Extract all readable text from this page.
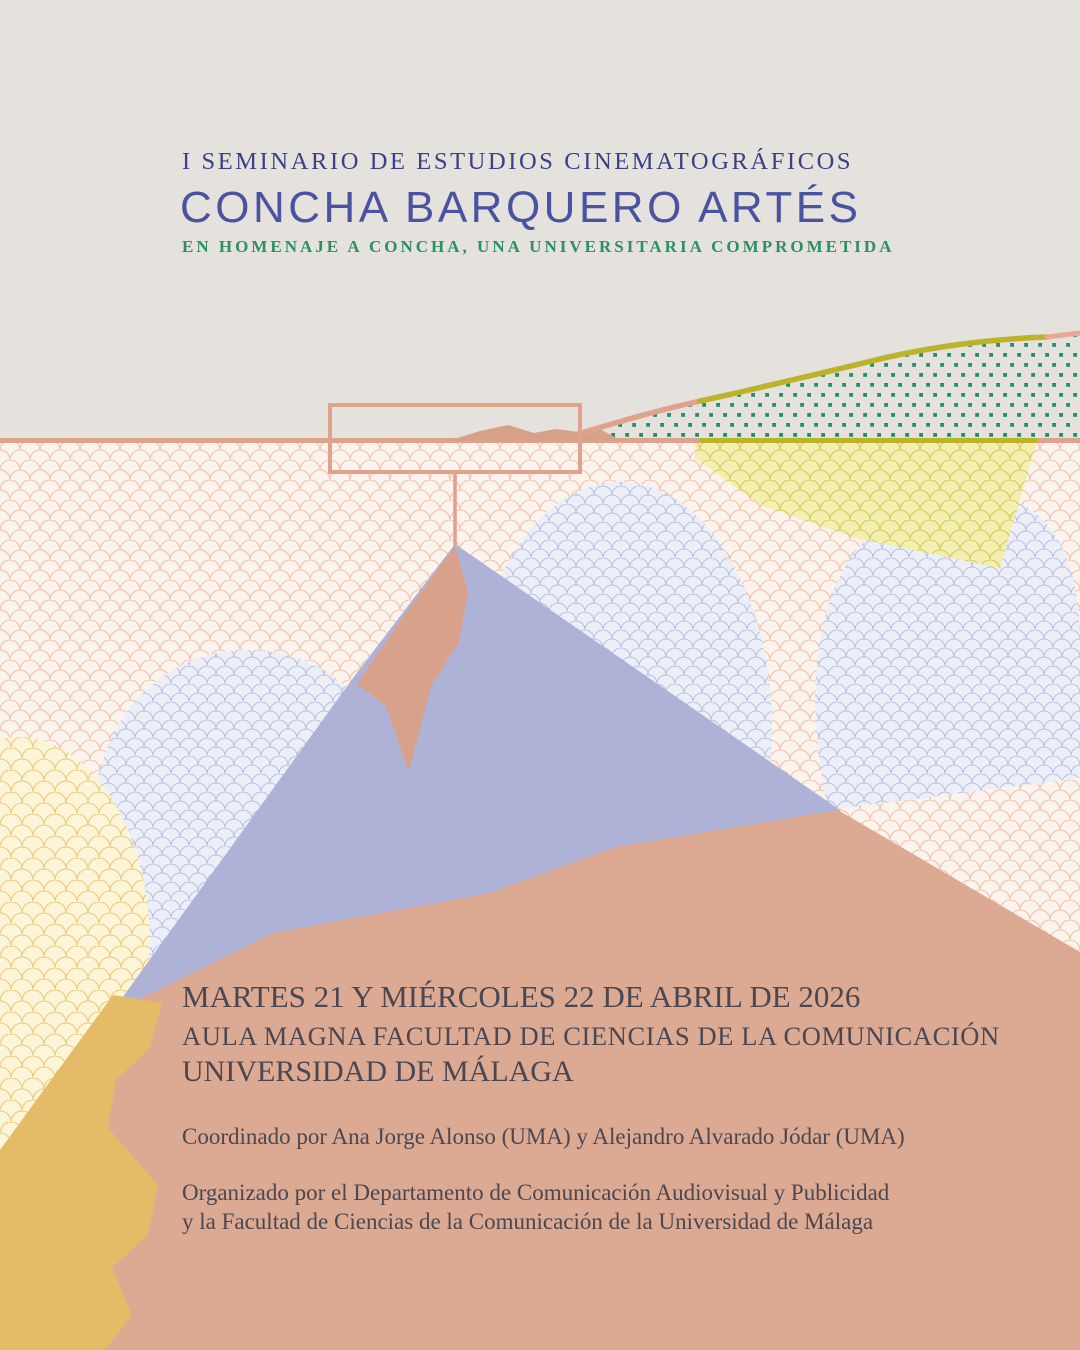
I SEMINARIO DE ESTUDIOS CINEMATOGRÁFICOS
CONCHA BARQUERO ARTÉS
EN HOMENAJE A CONCHA, UNA UNIVERSITARIA COMPROMETIDA
MARTES 21 Y MIÉRCOLES 22 DE ABRIL DE 2026
AULA MAGNA FACULTAD DE CIENCIAS DE LA COMUNICACIÓN
UNIVERSIDAD DE MÁLAGA
Coordinado por Ana Jorge Alonso (UMA) y Alejandro Alvarado Jódar (UMA)
Organizado por el Departamento de Comunicación Audiovisual y Publicidad
y la Facultad de Ciencias de la Comunicación de la Universidad de Málaga
